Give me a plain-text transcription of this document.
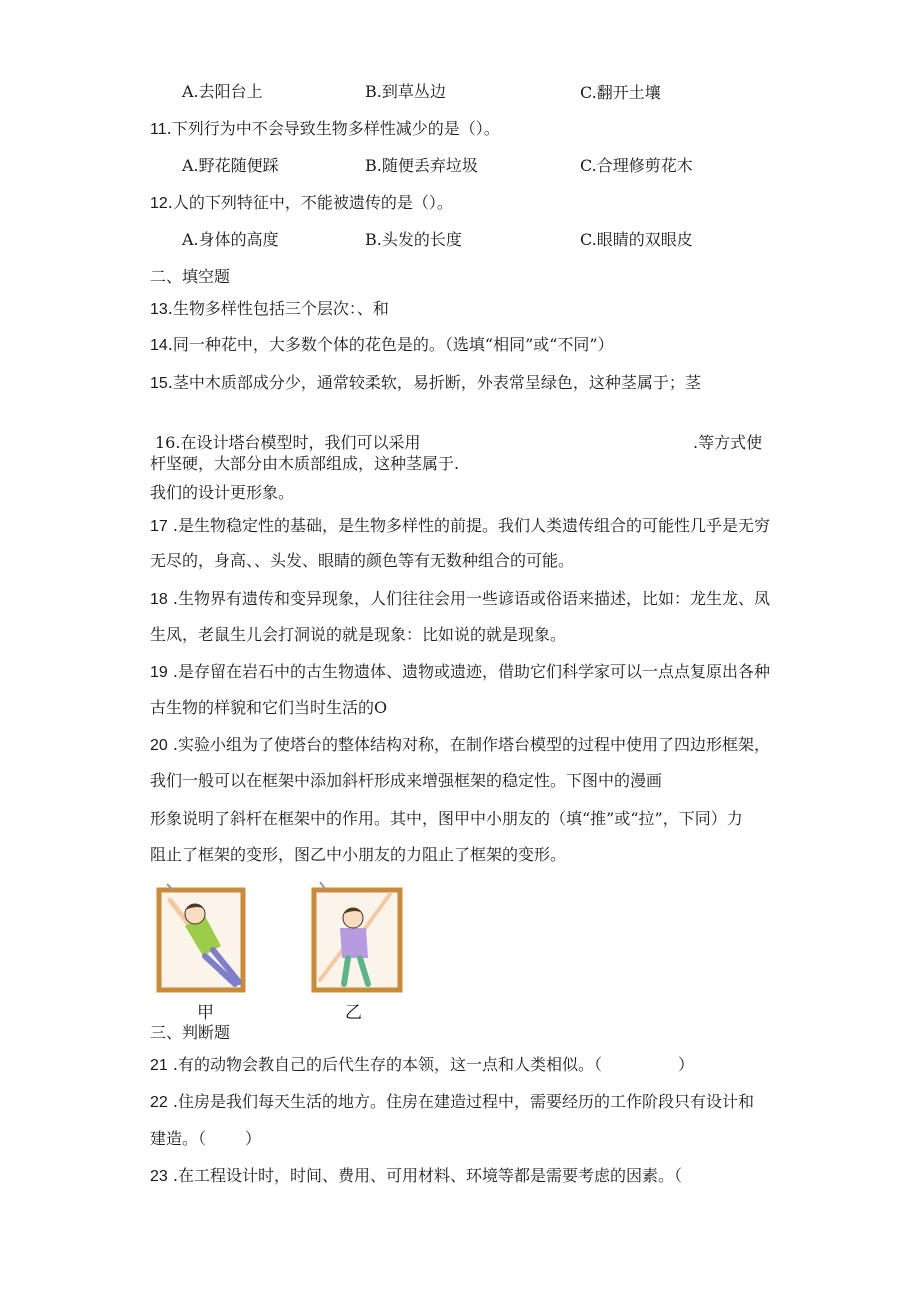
A.去阳台上	B.到草丛边	C.翻开土壤
11.下列行为中不会导致生物多样性减少的是（）。
A.野花随便踩	B.随便丢弃垃圾	C.合理修剪花木
12.人的下列特征中，不能被遗传的是（）。
A.身体的高度	B.头发的长度	C.眼睛的双眼皮
二、填空题
13.生物多样性包括三个层次：、和
14.同一种花中，大多数个体的花色是的。（选填“相同”或“不同”）
15.茎中木质部成分少，通常较柔软，易折断，外表常呈绿色，这种茎属于；茎
16.在设计塔台模型时，我们可以采用	.等方式使
杆坚硬，大部分由木质部组成，这种茎属于.
我们的设计更形象。
17 .是生物稳定性的基础，是生物多样性的前提。我们人类遗传组合的可能性几乎是无穷
无尽的，身高、、头发、眼睛的颜色等有无数种组合的可能。
18 .生物界有遗传和变异现象，人们往往会用一些谚语或俗语来描述，比如：龙生龙、凤
生凤，老鼠生儿会打洞说的就是现象：比如说的就是现象。
19 .是存留在岩石中的古生物遗体、遗物或遗迹，借助它们科学家可以一点点复原出各种
古生物的样貌和它们当时生活的O
20 .实验小组为了使塔台的整体结构对称，在制作塔台模型的过程中使用了四边形框架，
我们一般可以在框架中添加斜杆形成来增强框架的稳定性。下图中的漫画
形象说明了斜杆在框架中的作用。其中，图甲中小朋友的（填“推”或“拉”，下同）力
阻止了框架的变形，图乙中小朋友的力阻止了框架的变形。
甲	乙
三、判断题
21 .有的动物会教自己的后代生存的本领，这一点和人类相似。（	）
22 .住房是我们每天生活的地方。住房在建造过程中，需要经历的工作阶段只有设计和
建造。（ ）
23 .在工程设计时，时间、费用、可用材料、环境等都是需要考虑的因素。（
